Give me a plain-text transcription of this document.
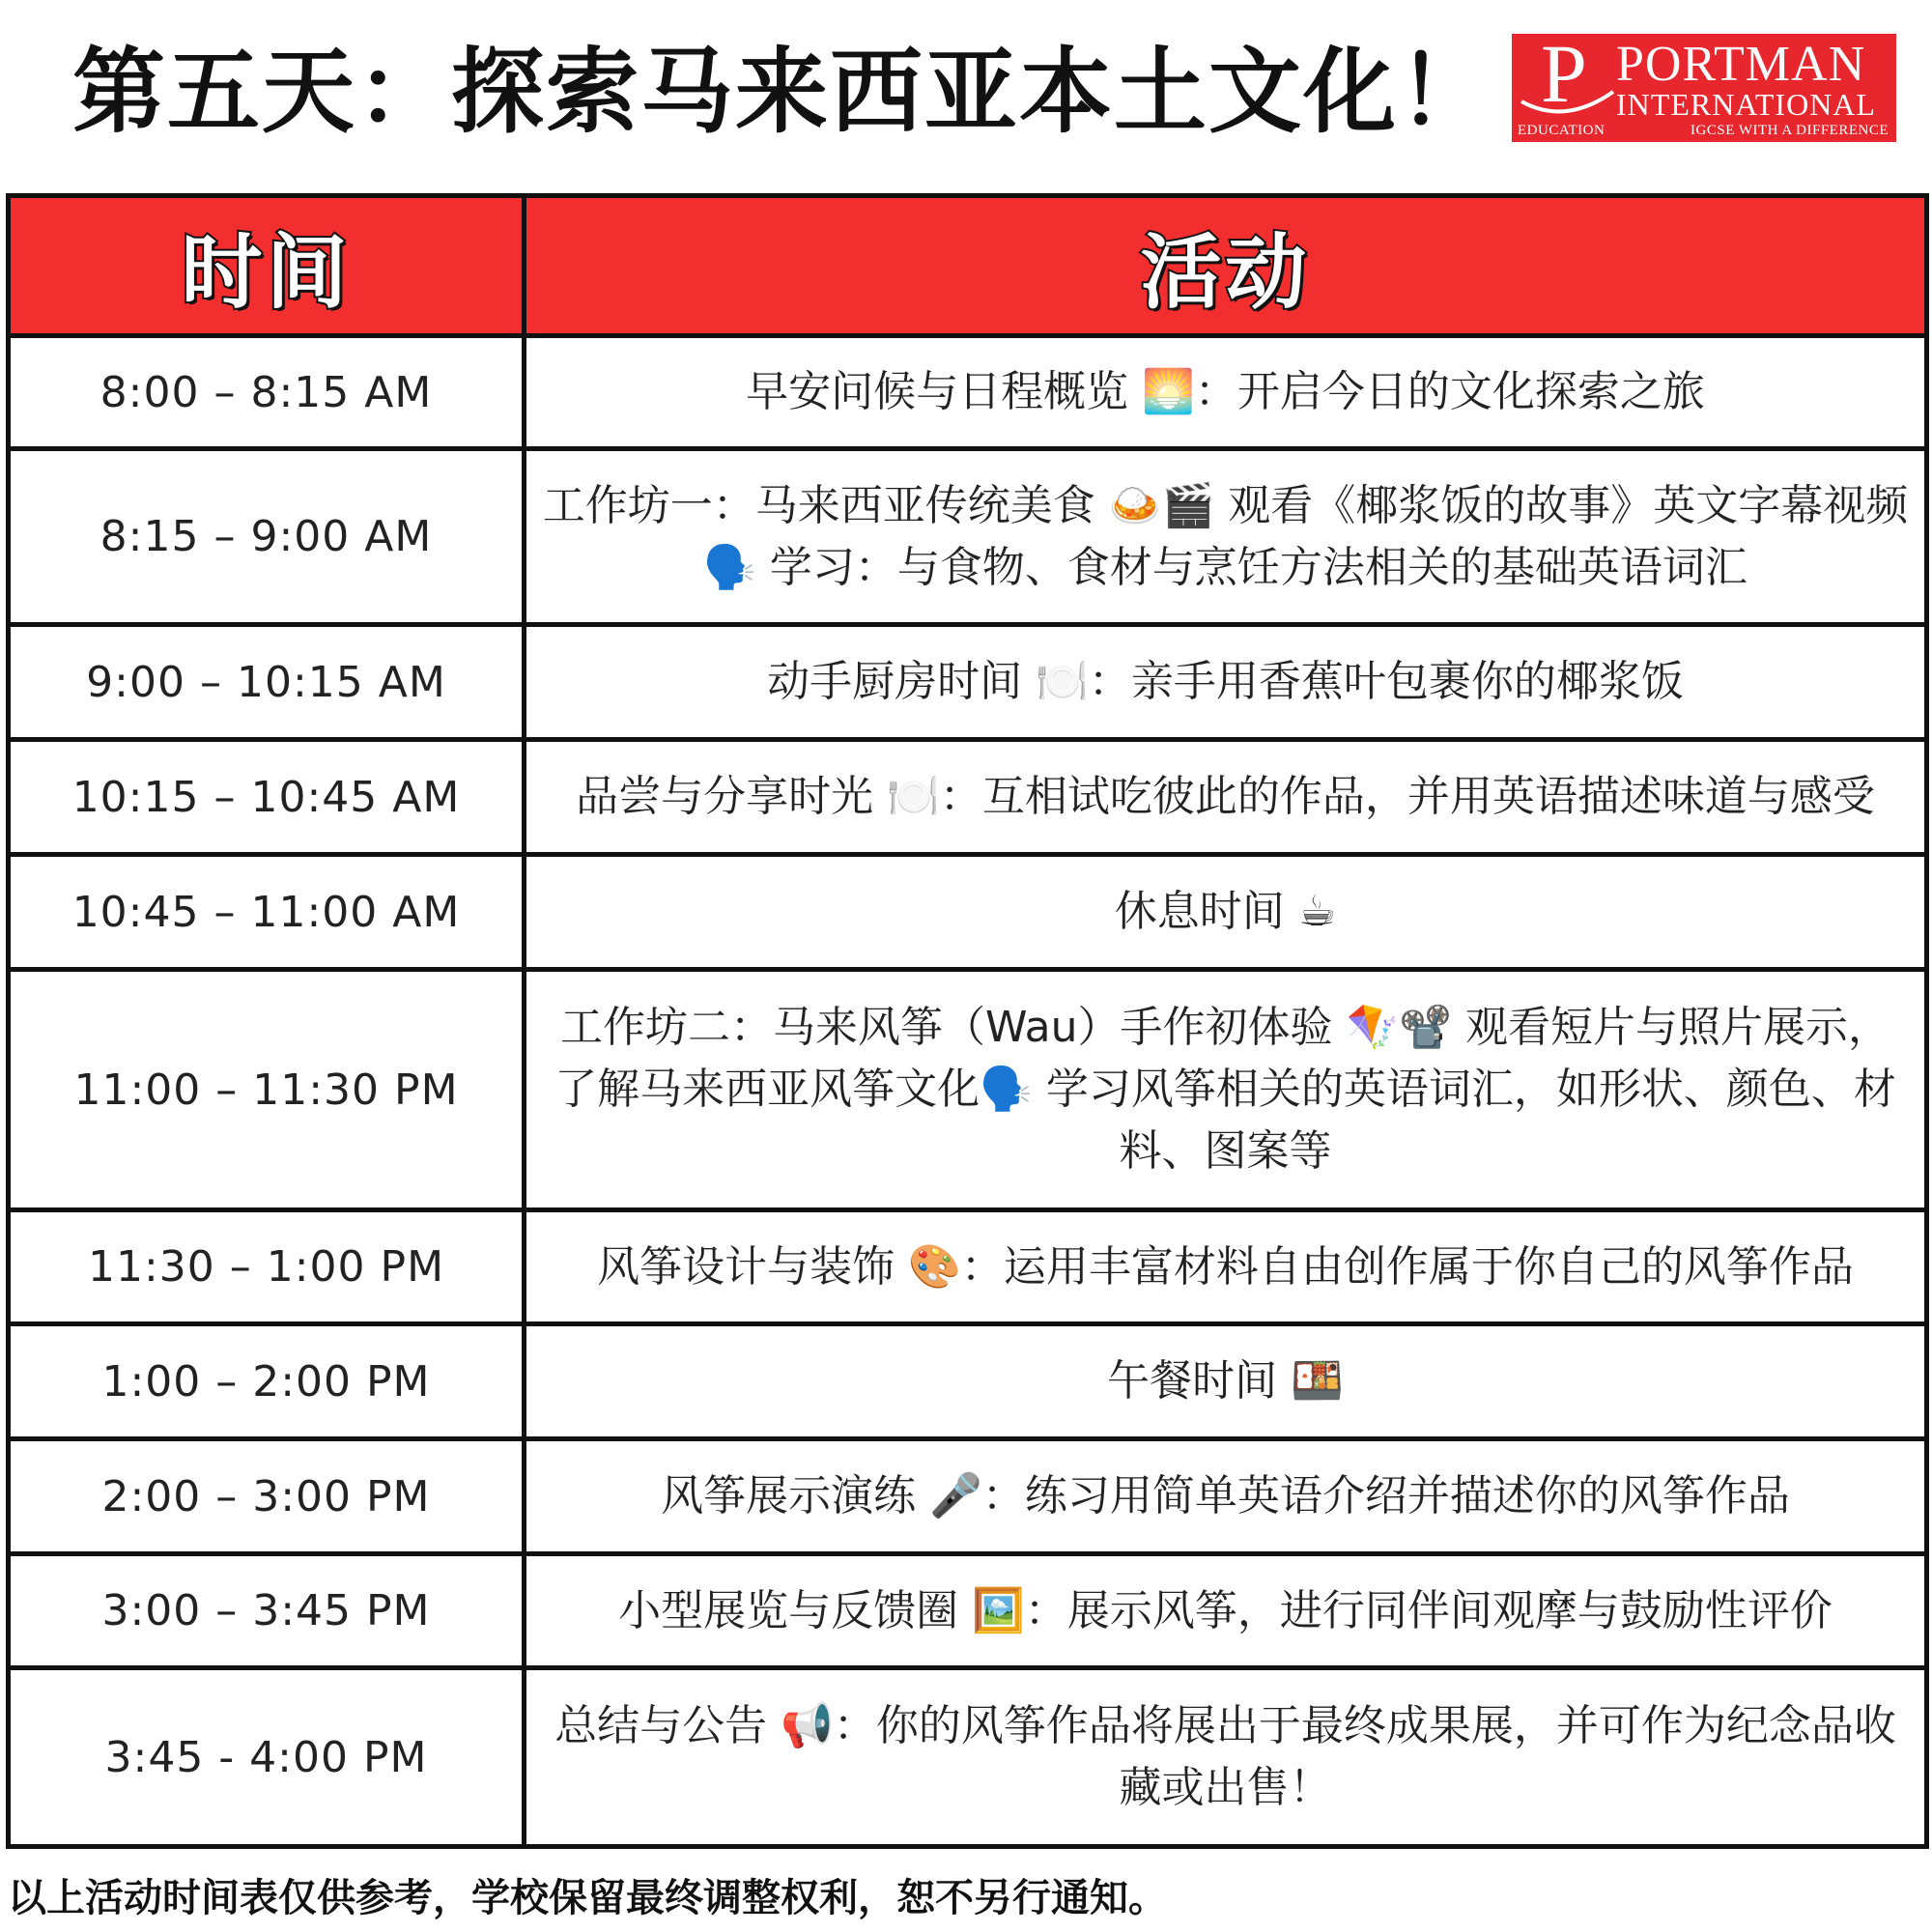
第五天：探索马来西亚本土文化！ P PORTMAN
INTERNATIONAL
EDUCATION	IGCSE WITH A DIFFERENCE
时间	活动
8:00 – 8:15 AM	早安问候与日程概览 🌅：开启今日的文化探索之旅
8:15 – 9:00 AM	工作坊一：马来西亚传统美食 🍛🎬 观看《椰浆饭的故事》英文字幕视频🗣️ 学习：与食物、食材与烹饪方法相关的基础英语词汇
9:00 – 10:15 AM	动手厨房时间 🍽️：亲手用香蕉叶包裹你的椰浆饭
10:15 – 10:45 AM	品尝与分享时光 🍽️：互相试吃彼此的作品，并用英语描述味道与感受
10:45 – 11:00 AM	休息时间 ☕
11:00 – 11:30 PM	工作坊二：马来风筝（Wau）手作初体验 🪁📽️ 观看短片与照片展示，了解马来西亚风筝文化🗣️ 学习风筝相关的英语词汇，如形状、颜色、材料、图案等
11:30 – 1:00 PM	风筝设计与装饰 🎨：运用丰富材料自由创作属于你自己的风筝作品
1:00 – 2:00 PM	午餐时间 🍱
2:00 – 3:00 PM	风筝展示演练 🎤：练习用简单英语介绍并描述你的风筝作品
3:00 – 3:45 PM	小型展览与反馈圈 🖼️：展示风筝，进行同伴间观摩与鼓励性评价
3:45 - 4:00 PM	总结与公告 📢：你的风筝作品将展出于最终成果展，并可作为纪念品收藏或出售！
以上活动时间表仅供参考，学校保留最终调整权利，恕不另行通知。
